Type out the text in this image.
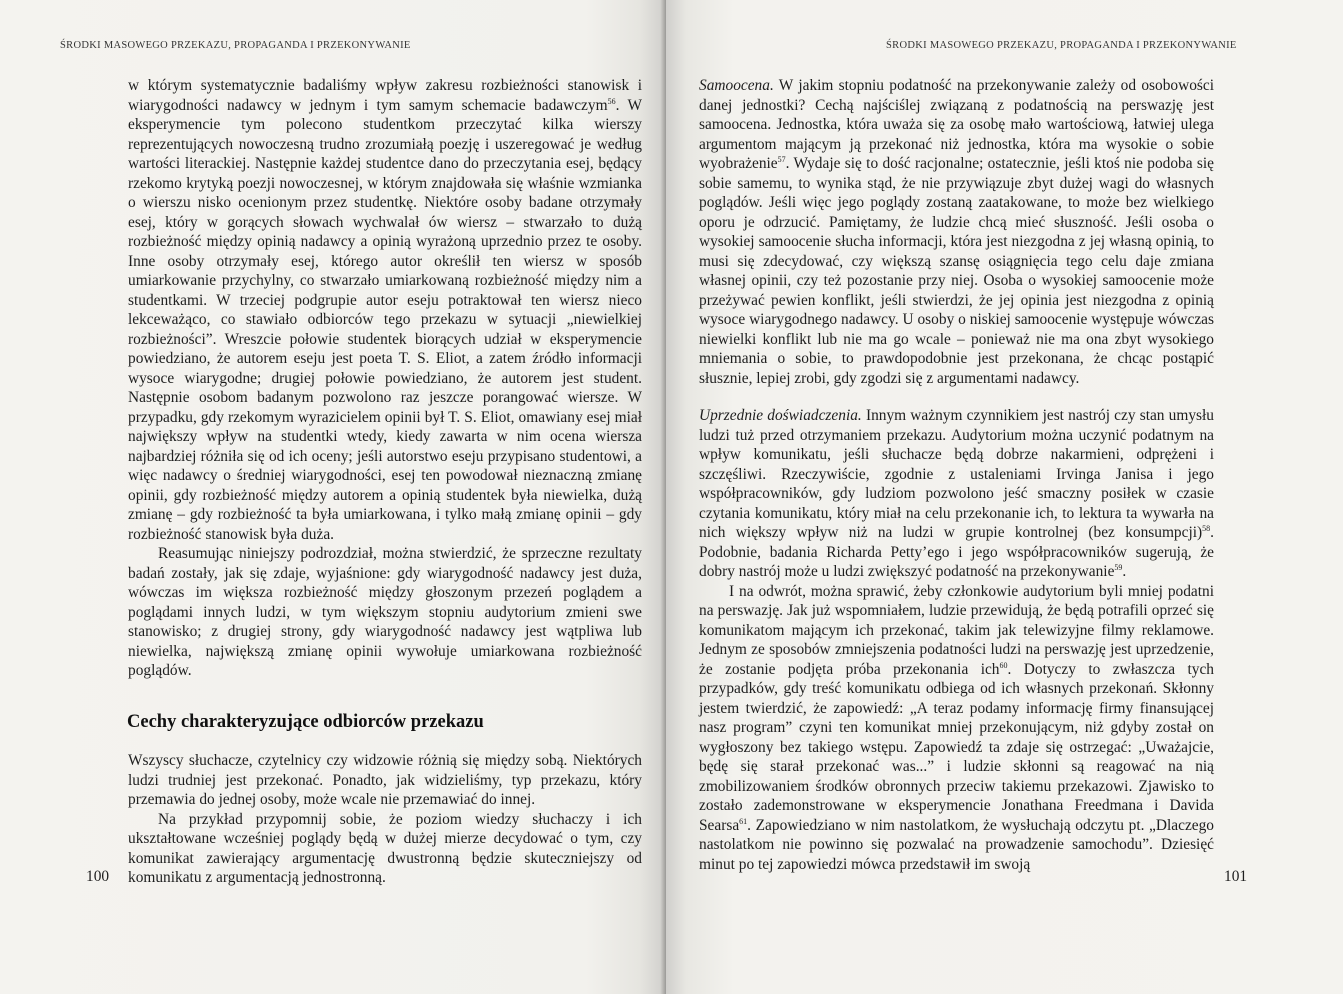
ŚRODKI MASOWEGO PRZEKAZU, PROPAGANDA I PRZEKONYWANIE

w którym systematycznie badaliśmy wpływ zakresu rozbieżności stanowisk i wiarygodności nadawcy w jednym i tym samym schemacie badawczym$^{56}$. W eksperymencie tym polecono studentkom przeczytać kilka wierszy reprezentujących nowoczesną trudno zrozumiałą poezję i uszeregować je według wartości literackiej. Następnie każdej studentce dano do przeczytania esej, będący rzekomo krytyką poezji nowoczesnej, w którym znajdowała się właśnie wzmianka o wierszu nisko ocenionym przez studentkę. Niektóre osoby badane otrzymały esej, który w gorących słowach wychwalał ów wiersz – stwarzało to dużą rozbieżność między opinią nadawcy a opinią wyrażoną uprzednio przez te osoby. Inne osoby otrzymały esej, którego autor określił ten wiersz w sposób umiarkowanie przychylny, co stwarzało umiarkowaną rozbieżność między nim a studentkami. W trzeciej podgrupie autor eseju potraktował ten wiersz nieco lekceważąco, co stawiało odbiorców tego przekazu w sytuacji „niewielkiej rozbieżności”. Wreszcie połowie studentek biorących udział w eksperymencie powiedziano, że autorem eseju jest poeta T. S. Eliot, a zatem źródło informacji wysoce wiarygodne; drugiej połowie powiedziano, że autorem jest student. Następnie osobom badanym pozwolono raz jeszcze porangować wiersze. W przypadku, gdy rzekomym wyrazicielem opinii był T. S. Eliot, omawiany esej miał największy wpływ na studentki wtedy, kiedy zawarta w nim ocena wiersza najbardziej różniła się od ich oceny; jeśli autorstwo eseju przypisano studentowi, a więc nadawcy o średniej wiarygodności, esej ten powodował nieznaczną zmianę opinii, gdy rozbieżność między autorem a opinią studentek była niewielka, dużą zmianę – gdy rozbieżność ta była umiarkowana, i tylko małą zmianę opinii – gdy rozbieżność stanowisk była duża.

Reasumując niniejszy podrozdział, można stwierdzić, że sprzeczne rezultaty badań zostały, jak się zdaje, wyjaśnione: gdy wiarygodność nadawcy jest duża, wówczas im większa rozbieżność między głoszonym przezeń poglądem a poglądami innych ludzi, w tym większym stopniu audytorium zmieni swe stanowisko; z drugiej strony, gdy wiarygodność nadawcy jest wątpliwa lub niewielka, największą zmianę opinii wywołuje umiarkowana rozbieżność poglądów.

Cechy charakteryzujące odbiorców przekazu

Wszyscy słuchacze, czytelnicy czy widzowie różnią się między sobą. Niektórych ludzi trudniej jest przekonać. Ponadto, jak widzieliśmy, typ przekazu, który przemawia do jednej osoby, może wcale nie przemawiać do innej.

Na przykład przypomnij sobie, że poziom wiedzy słuchaczy i ich ukształtowane wcześniej poglądy będą w dużej mierze decydować o tym, czy komunikat zawierający argumentację dwustronną będzie skuteczniejszy od komunikatu z argumentacją jednostronną.

100
ŚRODKI MASOWEGO PRZEKAZU, PROPAGANDA I PRZEKONYWANIE

Samoocena. W jakim stopniu podatność na przekonywanie zależy od osobowości danej jednostki? Cechą najściślej związaną z podatnością na perswazję jest samoocena. Jednostka, która uważa się za osobę mało wartościową, łatwiej ulega argumentom mającym ją przekonać niż jednostka, która ma wysokie o sobie wyobrażenie$^{57}$. Wydaje się to dość racjonalne; ostatecznie, jeśli ktoś nie podoba się sobie samemu, to wynika stąd, że nie przywiązuje zbyt dużej wagi do własnych poglądów. Jeśli więc jego poglądy zostaną zaatakowane, to może bez wielkiego oporu je odrzucić. Pamiętamy, że ludzie chcą mieć słuszność. Jeśli osoba o wysokiej samoocenie słucha informacji, która jest niezgodna z jej własną opinią, to musi się zdecydować, czy większą szansę osiągnięcia tego celu daje zmiana własnej opinii, czy też pozostanie przy niej. Osoba o wysokiej samoocenie może przeżywać pewien konflikt, jeśli stwierdzi, że jej opinia jest niezgodna z opinią wysoce wiarygodnego nadawcy. U osoby o niskiej samoocenie występuje wówczas niewielki konflikt lub nie ma go wcale – ponieważ nie ma ona zbyt wysokiego mniemania o sobie, to prawdopodobnie jest przekonana, że chcąc postąpić słusznie, lepiej zrobi, gdy zgodzi się z argumentami nadawcy.

Uprzednie doświadczenia. Innym ważnym czynnikiem jest nastrój czy stan umysłu ludzi tuż przed otrzymaniem przekazu. Audytorium można uczynić podatnym na wpływ komunikatu, jeśli słuchacze będą dobrze nakarmieni, odprężeni i szczęśliwi. Rzeczywiście, zgodnie z ustaleniami Irvinga Janisa i jego współpracowników, gdy ludziom pozwolono jeść smaczny posiłek w czasie czytania komunikatu, który miał na celu przekonanie ich, to lektura ta wywarła na nich większy wpływ niż na ludzi w grupie kontrolnej (bez konsumpcji)$^{58}$. Podobnie, badania Richarda Petty’ego i jego współpracowników sugerują, że dobry nastrój może u ludzi zwiększyć podatność na przekonywanie$^{59}$.

I na odwrót, można sprawić, żeby członkowie audytorium byli mniej podatni na perswazję. Jak już wspomniałem, ludzie przewidują, że będą potrafili oprzeć się komunikatom mającym ich przekonać, takim jak telewizyjne filmy reklamowe. Jednym ze sposobów zmniejszenia podatności ludzi na perswazję jest uprzedzenie, że zostanie podjęta próba przekonania ich$^{60}$. Dotyczy to zwłaszcza tych przypadków, gdy treść komunikatu odbiega od ich własnych przekonań. Skłonny jestem twierdzić, że zapowiedź: „A teraz podamy informację firmy finansującej nasz program” czyni ten komunikat mniej przekonującym, niż gdyby został on wygłoszony bez takiego wstępu. Zapowiedź ta zdaje się ostrzegać: „Uważajcie, będę się starał przekonać was...” i ludzie skłonni są reagować na nią zmobilizowaniem środków obronnych przeciw takiemu przekazowi. Zjawisko to zostało zademonstrowane w eksperymencie Jonathana Freedmana i Davida Searsa$^{61}$. Zapowiedziano w nim nastolatkom, że wysłuchają odczytu pt. „Dlaczego nastolatkom nie powinno się pozwalać na prowadzenie samochodu”. Dziesięć minut po tej zapowiedzi mówca przedstawił im swoją

101
